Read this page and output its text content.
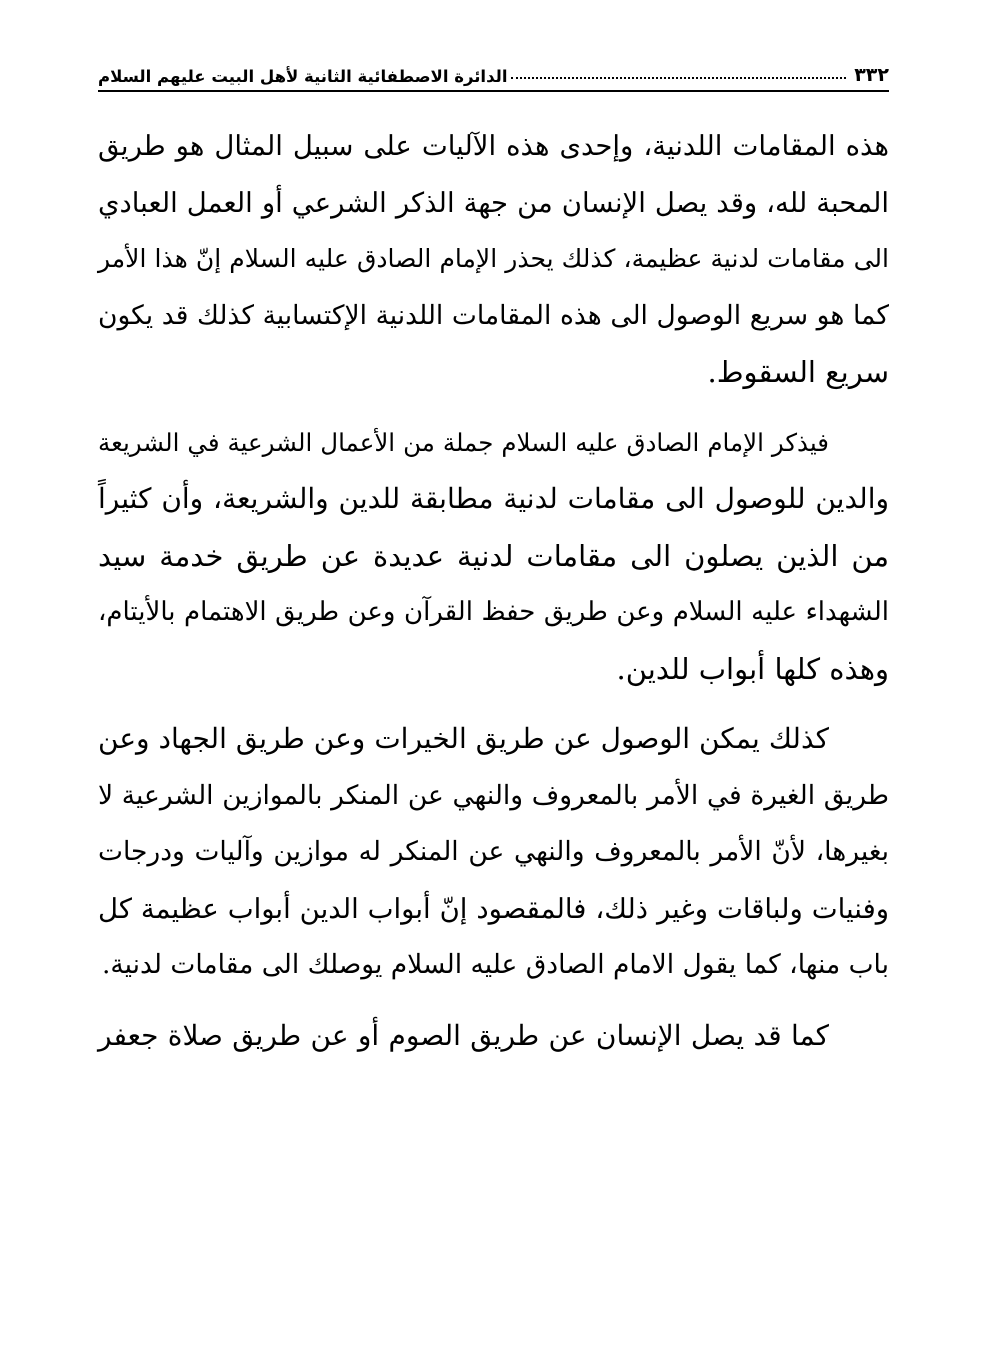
٣٣٢
الدائرة الاصطفائية الثانية لأهل البيت عليهم السلام

هذه المقامات اللدنية، وإحدى هذه الآليات على سبيل المثال هو طريق
المحبة لله، وقد يصل الإنسان من جهة الذكر الشرعي أو العمل العبادي
الى مقامات لدنية عظيمة، كذلك يحذر الإمام الصادق عليه السلام إنّ هذا الأمر
كما هو سريع الوصول الى هذه المقامات اللدنية الإكتسابية كذلك قد يكون
سريع السقوط.

فيذكر الإمام الصادق عليه السلام جملة من الأعمال الشرعية في الشريعة
والدين للوصول الى مقامات لدنية مطابقة للدين والشريعة، وأن كثيراً
من الذين يصلون الى مقامات لدنية عديدة عن طريق خدمة سيد
الشهداء عليه السلام وعن طريق حفظ القرآن وعن طريق الاهتمام بالأيتام،
وهذه كلها أبواب للدين.

كذلك يمكن الوصول عن طريق الخيرات وعن طريق الجهاد وعن
طريق الغيرة في الأمر بالمعروف والنهي عن المنكر بالموازين الشرعية لا
بغيرها، لأنّ الأمر بالمعروف والنهي عن المنكر له موازين وآليات ودرجات
وفنيات ولباقات وغير ذلك، فالمقصود إنّ أبواب الدين أبواب عظيمة كل
باب منها، كما يقول الامام الصادق عليه السلام يوصلك الى مقامات لدنية.

كما قد يصل الإنسان عن طريق الصوم أو عن طريق صلاة جعفر
